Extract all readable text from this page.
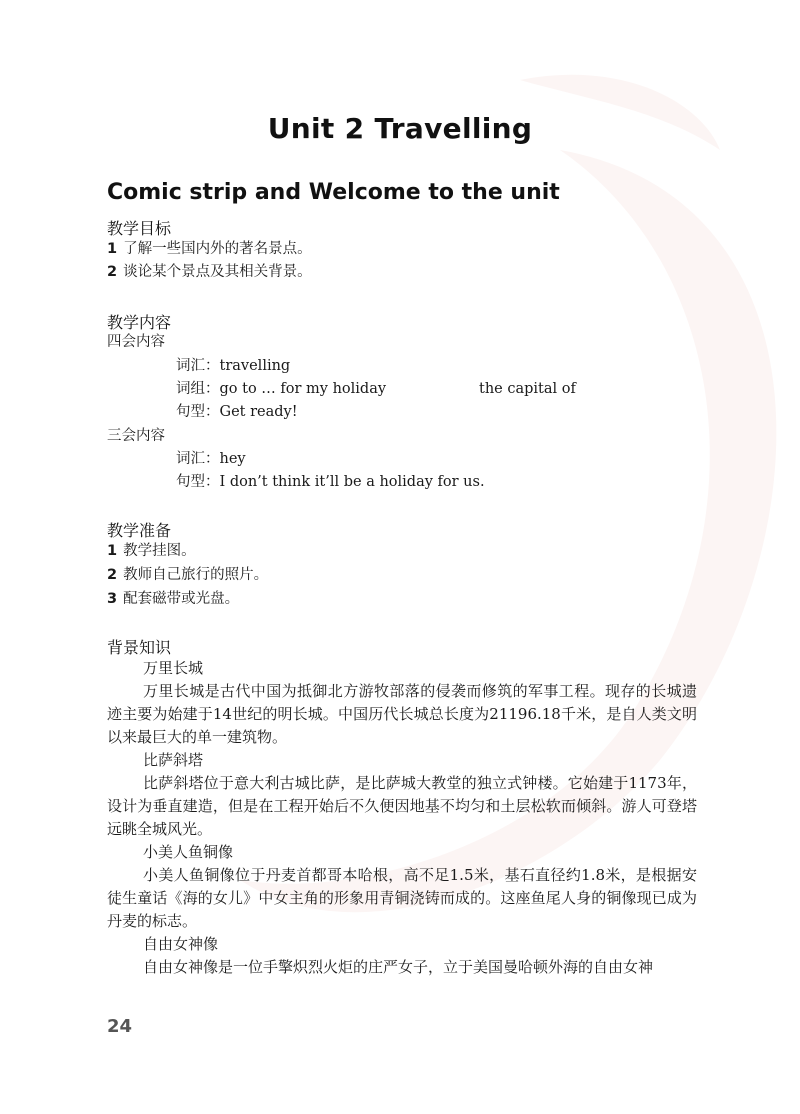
Unit 2 Travelling
Comic strip and Welcome to the unit
教学目标
1 了解一些国内外的著名景点。
2 谈论某个景点及其相关背景。
教学内容
四会内容
词汇：travelling
词组：go to … for my holiday	the capital of
句型：Get ready!
三会内容
词汇：hey
句型：I don’t think it’ll be a holiday for us.
教学准备
1 教学挂图。
2 教师自己旅行的照片。
3 配套磁带或光盘。
背景知识
万里长城
万里长城是古代中国为抵御北方游牧部落的侵袭而修筑的军事工程。现存的长城遗迹主要为始建于14世纪的明长城。中国历代长城总长度为21196.18千米，是自人类文明以来最巨大的单一建筑物。
比萨斜塔
比萨斜塔位于意大利古城比萨，是比萨城大教堂的独立式钟楼。它始建于1173年，设计为垂直建造，但是在工程开始后不久便因地基不均匀和土层松软而倾斜。游人可登塔远眺全城风光。
小美人鱼铜像
小美人鱼铜像位于丹麦首都哥本哈根，高不足1.5米，基石直径约1.8米，是根据安徒生童话《海的女儿》中女主角的形象用青铜浇铸而成的。这座鱼尾人身的铜像现已成为丹麦的标志。
自由女神像
自由女神像是一位手擎炽烈火炬的庄严女子，立于美国曼哈顿外海的自由女神
24
